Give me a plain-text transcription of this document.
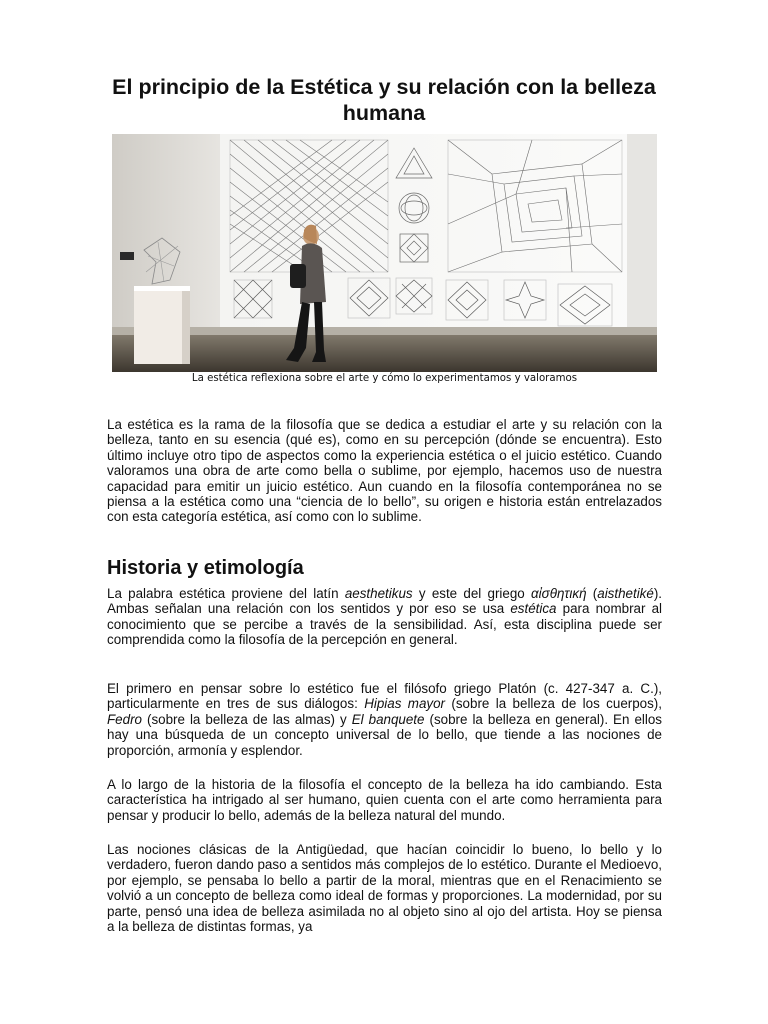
El principio de la Estética y su relación con la belleza humana

La estética reflexiona sobre el arte y cómo lo experimentamos y valoramos

La estética es la rama de la filosofía que se dedica a estudiar el arte y su relación con la belleza, tanto en su esencia (qué es), como en su percepción (dónde se encuentra). Esto último incluye otro tipo de aspectos como la experiencia estética o el juicio estético. Cuando valoramos una obra de arte como bella o sublime, por ejemplo, hacemos uso de nuestra capacidad para emitir un juicio estético. Aun cuando en la filosofía contemporánea no se piensa a la estética como una “ciencia de lo bello”, su origen e historia están entrelazados con esta categoría estética, así como con lo sublime.

Historia y etimología

La palabra estética proviene del latín aesthetikus y este del griego αἰσθητική (aisthetiké). Ambas señalan una relación con los sentidos y por eso se usa estética para nombrar al conocimiento que se percibe a través de la sensibilidad. Así, esta disciplina puede ser comprendida como la filosofía de la percepción en general.

El primero en pensar sobre lo estético fue el filósofo griego Platón (c. 427-347 a. C.), particularmente en tres de sus diálogos: Hipias mayor (sobre la belleza de los cuerpos), Fedro (sobre la belleza de las almas) y El banquete (sobre la belleza en general). En ellos hay una búsqueda de un concepto universal de lo bello, que tiende a las nociones de proporción, armonía y esplendor.

A lo largo de la historia de la filosofía el concepto de la belleza ha ido cambiando. Esta característica ha intrigado al ser humano, quien cuenta con el arte como herramienta para pensar y producir lo bello, además de la belleza natural del mundo.

Las nociones clásicas de la Antigüedad, que hacían coincidir lo bueno, lo bello y lo verdadero, fueron dando paso a sentidos más complejos de lo estético. Durante el Medioevo, por ejemplo, se pensaba lo bello a partir de la moral, mientras que en el Renacimiento se volvió a un concepto de belleza como ideal de formas y proporciones. La modernidad, por su parte, pensó una idea de belleza asimilada no al objeto sino al ojo del artista. Hoy se piensa a la belleza de distintas formas, ya
